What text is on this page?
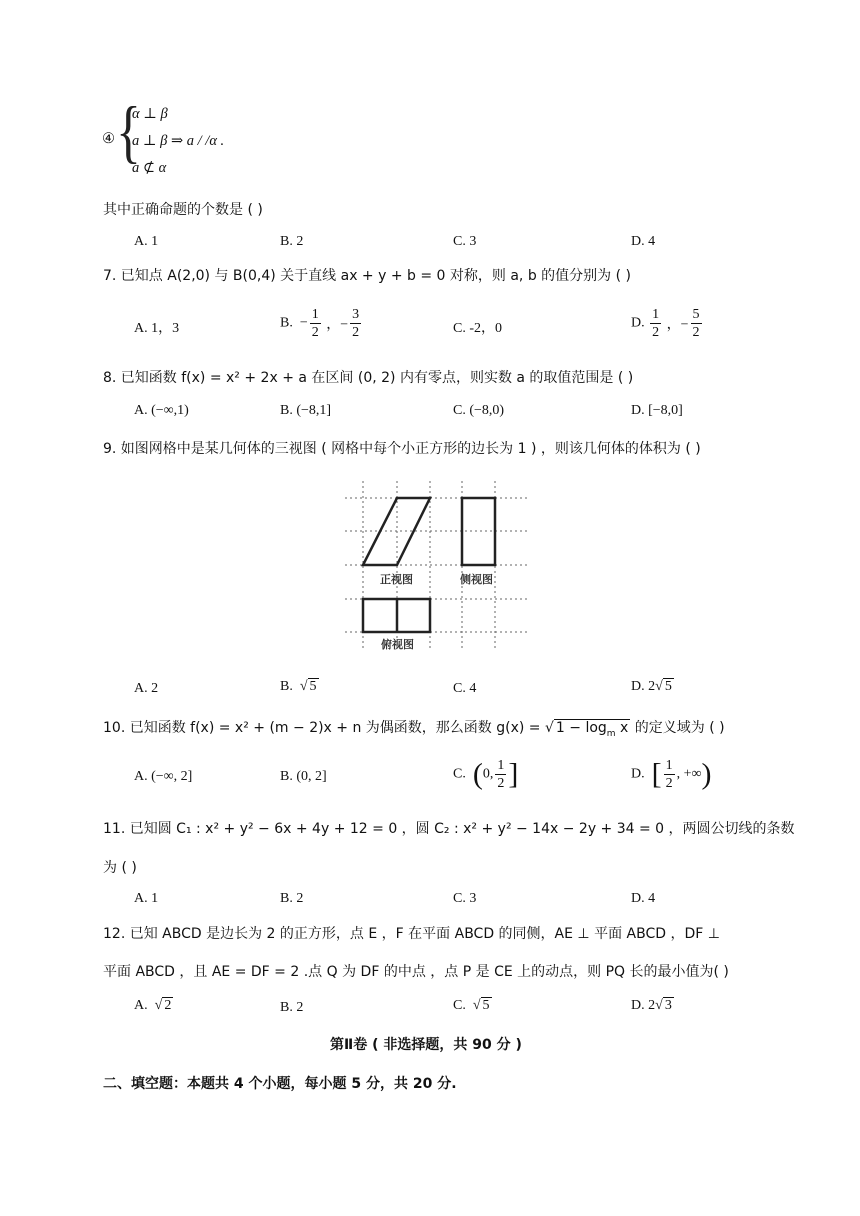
④ {
α ⊥ β
a ⊥ β ⇒ a / /α .
a ⊄ α
其中正确命题的个数是 ( )
A. 1	B. 2	C. 3	D. 4
7. 已知点 A(2,0) 与 B(0,4) 关于直线 ax + y + b = 0 对称，则 a, b 的值分别为 ( )
A. 1，3	B.  − $\frac{1}{2}$ ，− $\frac{3}{2}$	C. -2，0	D. $\frac{1}{2}$ ，− $\frac{5}{2}$
8. 已知函数 f(x) = x² + 2x + a 在区间 (0, 2) 内有零点，则实数 a 的取值范围是 ( )
A. (−∞,1)	B. (−8,1]	C. (−8,0)	D. [−8,0]
9. 如图网格中是某几何体的三视图 ( 网格中每个小正方形的边长为 1 ) ，则该几何体的体积为 ( )
正视图	侧视图
俯视图
A. 2	B.  √ 5	C. 4	D. 2√ 5
10. 已知函数 f(x) = x² + (m − 2)x + n 为偶函数，那么函数 g(x) = √ $1 - \log_m x$ 的定义域为 ( )
A. (−∞, 2]	B. (0, 2]	C. (0, $\frac{1}{2}$ ]	D. [ $\frac{1}{2}$ , +∞)
11. 已知圆 C₁ : x² + y² − 6x + 4y + 12 = 0 ，圆 C₂ : x² + y² − 14x − 2y + 34 = 0 ，两圆公切线的条数
为 ( )
A. 1	B. 2	C. 3	D. 4
12. 已知 ABCD 是边长为 2 的正方形，点 E ，F 在平面 ABCD 的同侧，AE ⊥ 平面 ABCD ，DF ⊥
平面 ABCD ，且 AE = DF = 2 .点 Q 为 DF 的中点 ，点 P 是 CE 上的动点，则 PQ 长的最小值为( )
A.  √ 2	B. 2	C.  √ 5	D. 2√ 3
第Ⅱ卷 ( 非选择题，共 90 分 )
二、填空题：本题共 4 个小题，每小题 5 分，共 20 分.
